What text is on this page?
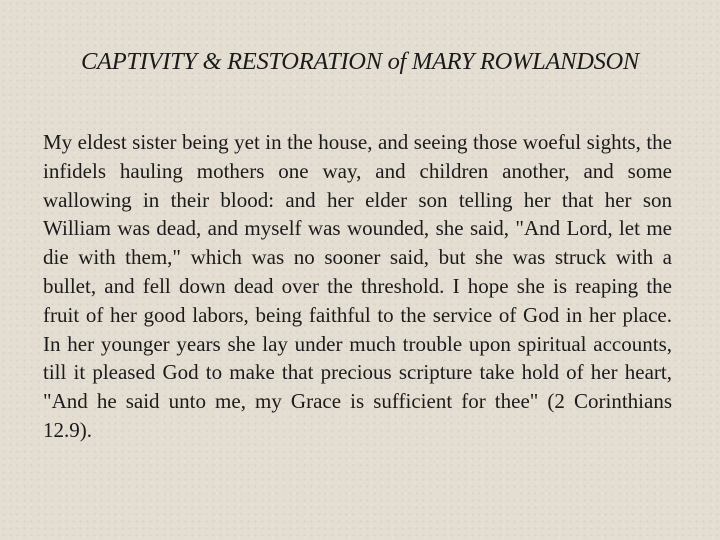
CAPTIVITY & RESTORATION of MARY ROWLANDSON

My eldest sister being yet in the house, and seeing those woeful sights, the infidels hauling mothers one way, and children another, and some wallowing in their blood: and her elder son telling her that her son William was dead, and myself was wounded, she said, "And Lord, let me die with them," which was no sooner said, but she was struck with a bullet, and fell down dead over the threshold. I hope she is reaping the fruit of her good labors, being faithful to the service of God in her place. In her younger years she lay under much trouble upon spiritual accounts, till it pleased God to make that precious scripture take hold of her heart, "And he said unto me, my Grace is sufficient for thee" (2 Corinthians 12.9).
